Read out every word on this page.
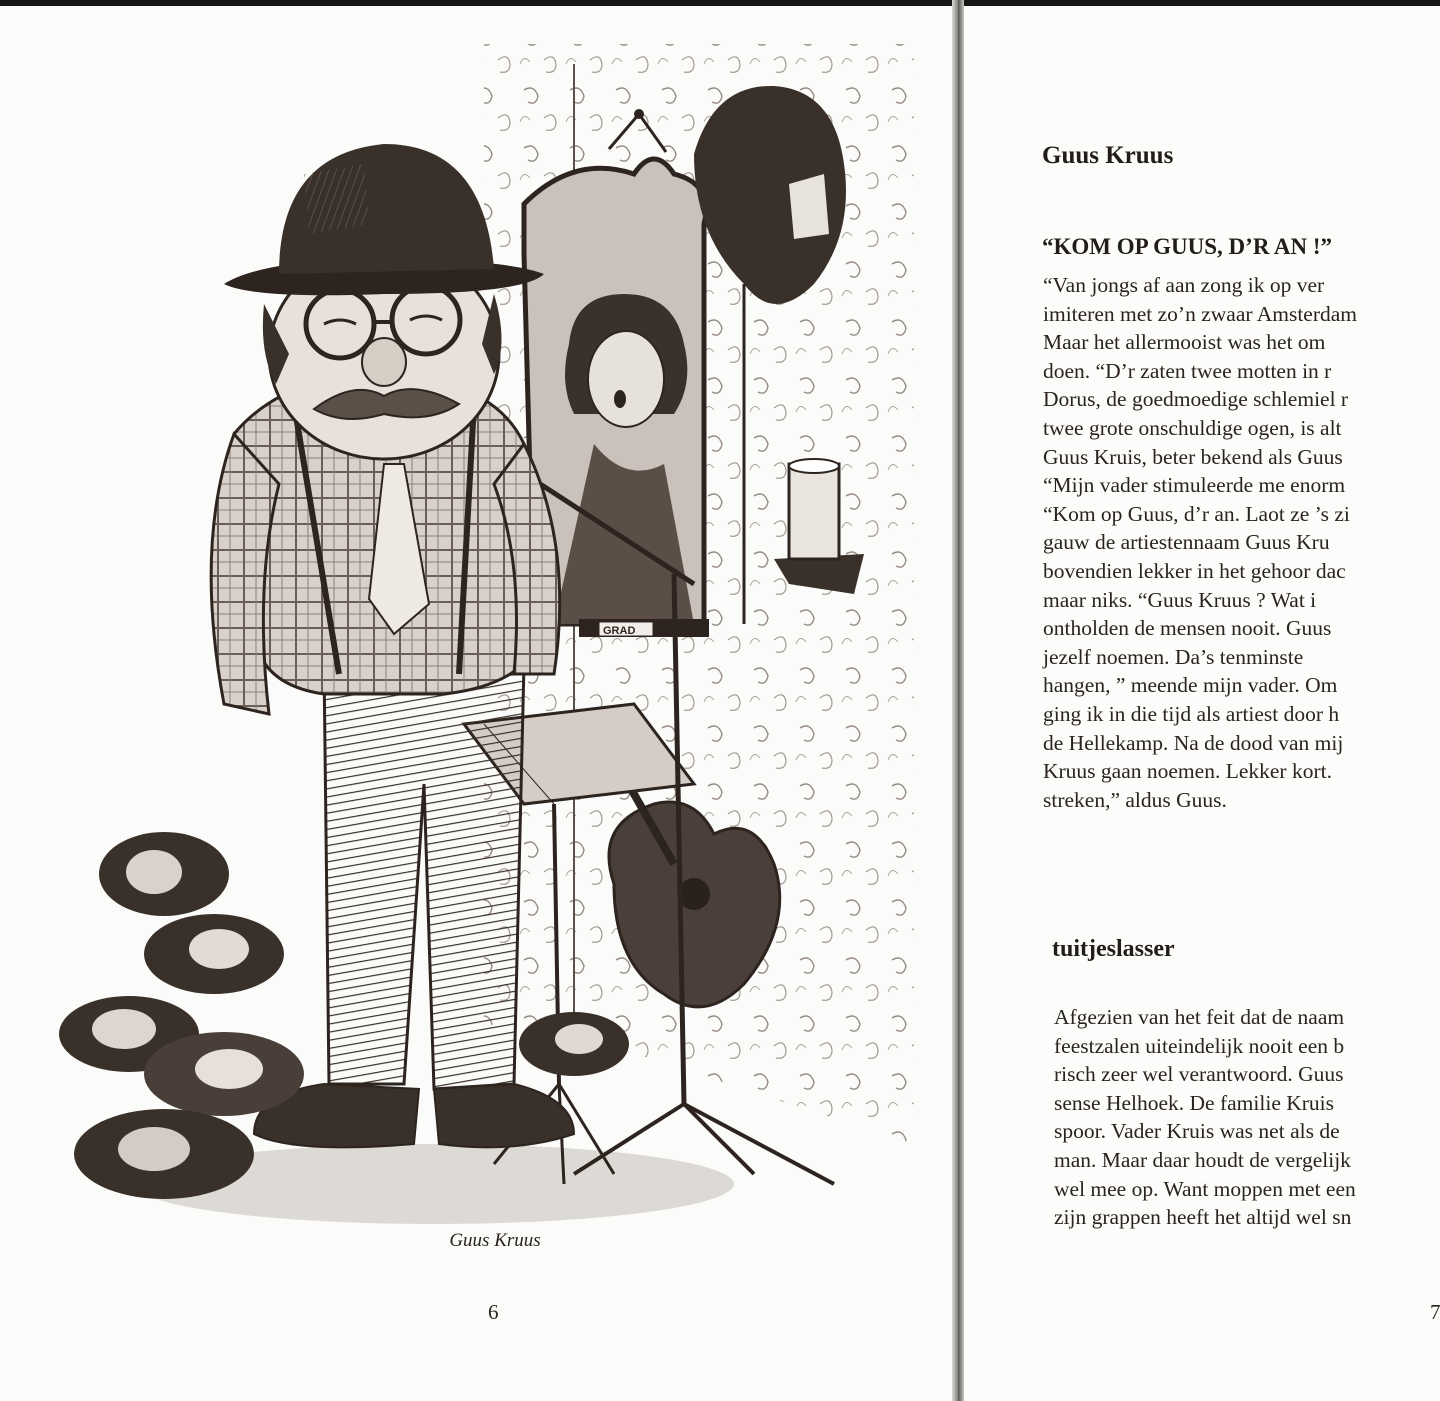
GRAD
Guus Kruus
6
Guus Kruus
“KOM OP GUUS, D’R AN !”
“Van jongs af aan zong ik op ver
imiteren met zo’n zwaar Amsterdam
Maar het allermooist was het om
doen. “D’r zaten twee motten in r
Dorus, de goedmoedige schlemiel r
twee grote onschuldige ogen, is alt
Guus Kruis, beter bekend als Guus
“Mijn vader stimuleerde me enorm
“Kom op Guus, d’r an. Laot ze ’s zi
gauw de artiestennaam Guus Kru
bovendien lekker in het gehoor dac
maar niks. “Guus Kruus ? Wat i
ontholden de mensen nooit. Guus
jezelf noemen. Da’s tenminste
hangen, ” meende mijn vader. Om
ging ik in die tijd als artiest door h
de Hellekamp. Na de dood van mij
Kruus gaan noemen. Lekker kort.
streken,” aldus Guus.
tuitjeslasser
Afgezien van het feit dat de naam
feestzalen uiteindelijk nooit een b
risch zeer wel verantwoord. Guus
sense Helhoek. De familie Kruis
spoor. Vader Kruis was net als de
man. Maar daar houdt de vergelijk
wel mee op. Want moppen met een
zijn grappen heeft het altijd wel sn
7
